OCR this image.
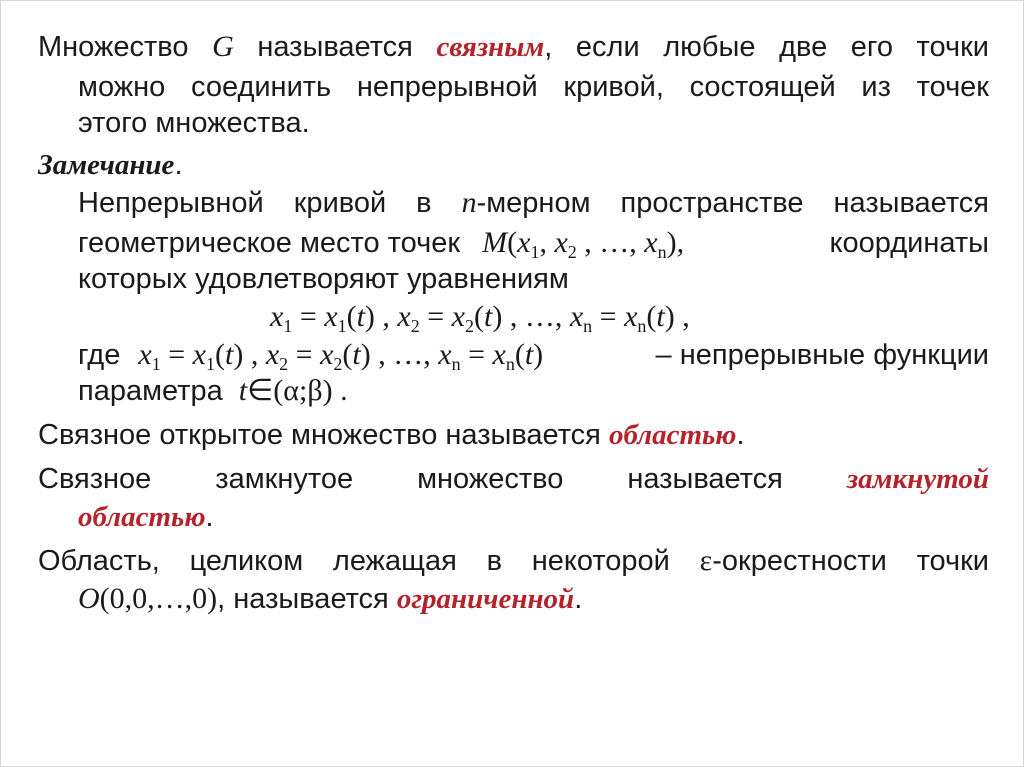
Множество G называется связным, если любые две его точки
можно соединить непрерывной кривой, состоящей из точек
этого множества.
Замечание.
Непрерывной кривой в n-мерном пространстве называется
геометрическое место точек $M(x_1$, $x_2$ , …, $x_n$),	координаты
которых удовлетворяют уравнениям
$x_1 = x_1(t)$ , $x_2 = x_2(t)$ , …, $x_n = x_n(t)$ ,
где $x_1 = x_1(t)$ , $x_2 = x_2(t)$ , …, $x_n = x_n(t)$	– непрерывные функции
параметра t∈(α;β) .
Связное открытое множество называется областью.
Связное замкнутое множество называется замкнутой
областью.
Область, целиком лежащая в некоторой ε-окрестности точки
O(0,0,…,0), называется ограниченной.
